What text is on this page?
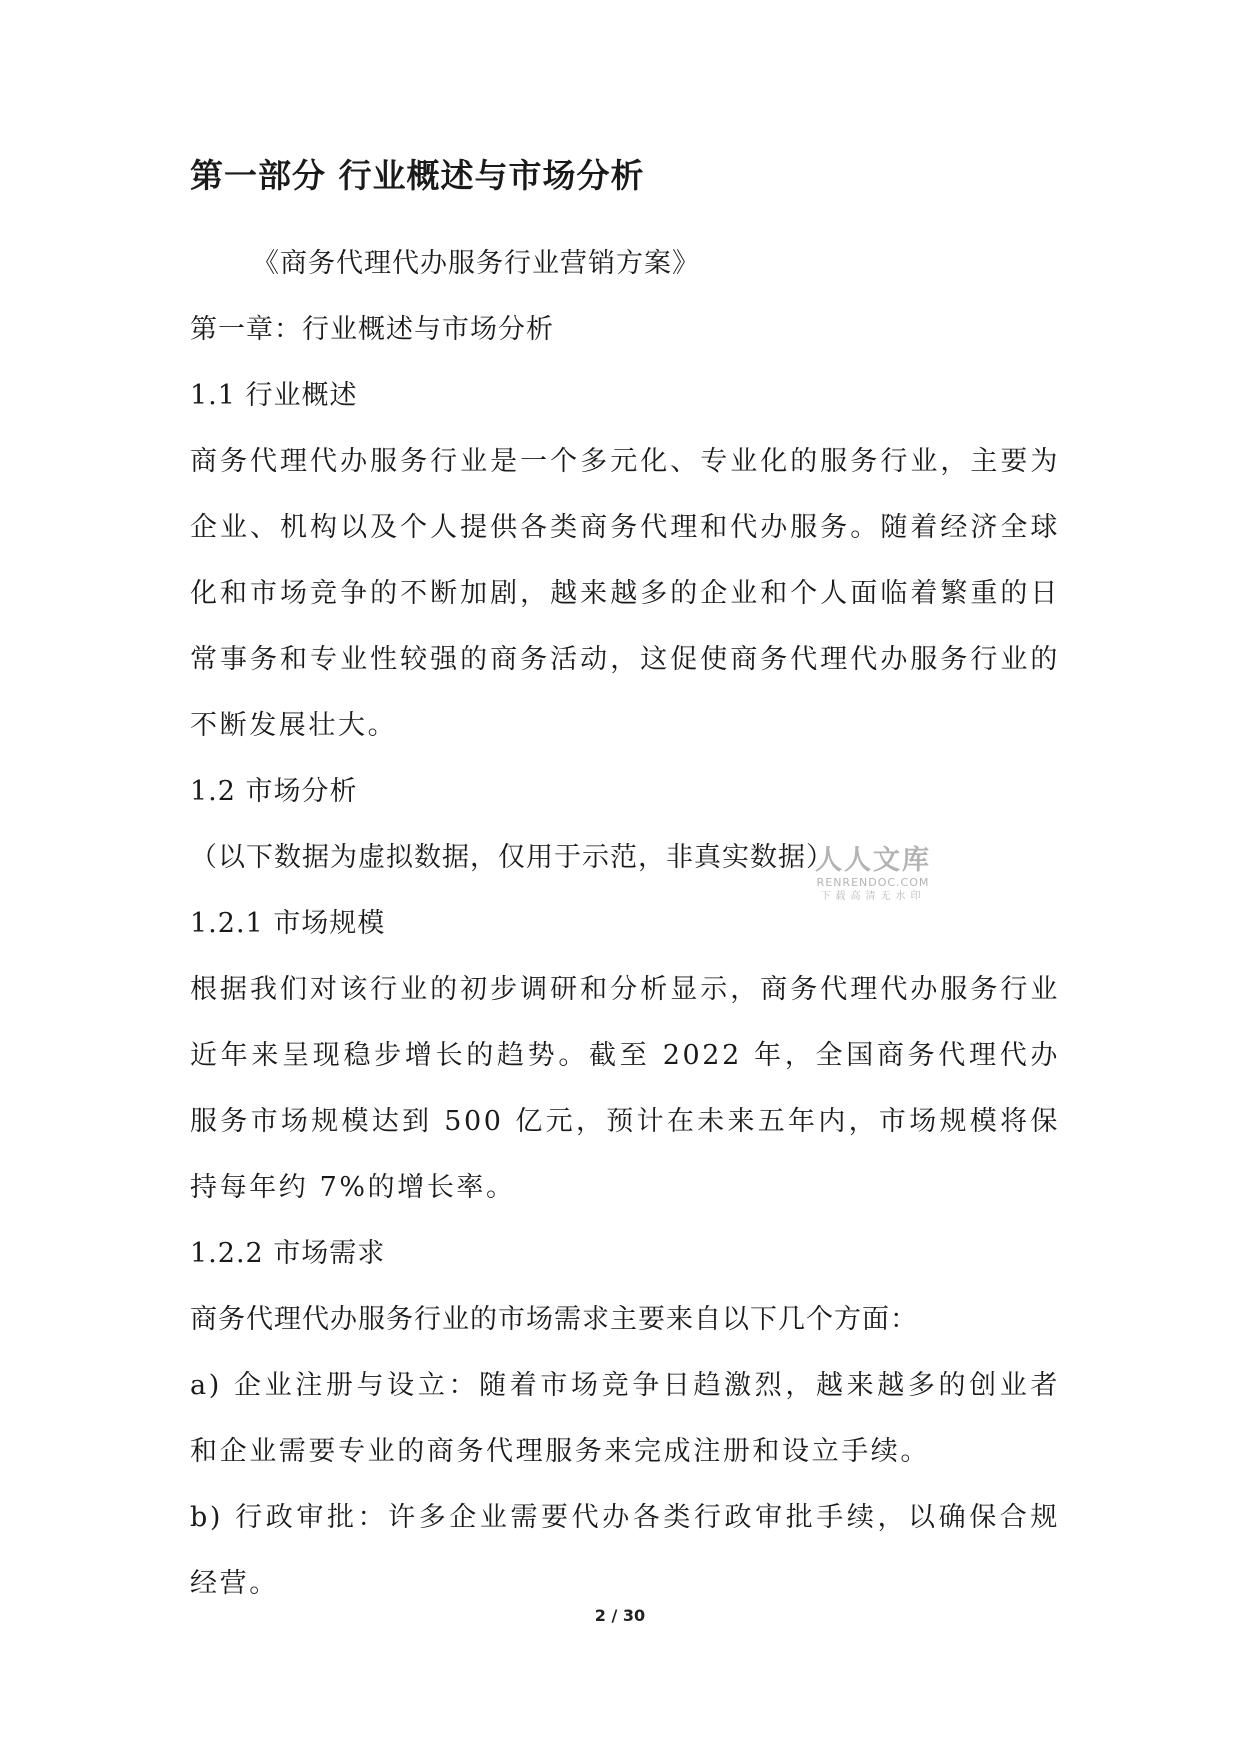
第一部分 行业概述与市场分析
《商务代理代办服务行业营销方案》
第一章：行业概述与市场分析
1.1 行业概述
商务代理代办服务行业是一个多元化、专业化的服务行业，主要为企业、机构以及个人提供各类商务代理和代办服务。随着经济全球化和市场竞争的不断加剧，越来越多的企业和个人面临着繁重的日常事务和专业性较强的商务活动，这促使商务代理代办服务行业的不断发展壮大。
1.2 市场分析
（以下数据为虚拟数据，仅用于示范，非真实数据）
1.2.1 市场规模
根据我们对该行业的初步调研和分析显示，商务代理代办服务行业近年来呈现稳步增长的趋势。截至 2022 年，全国商务代理代办服务市场规模达到 500 亿元，预计在未来五年内，市场规模将保持每年约 7%的增长率。
1.2.2 市场需求
商务代理代办服务行业的市场需求主要来自以下几个方面：
a) 企业注册与设立：随着市场竞争日趋激烈，越来越多的创业者和企业需要专业的商务代理服务来完成注册和设立手续。
b) 行政审批：许多企业需要代办各类行政审批手续，以确保合规经营。
人人文库
RENRENDOC.COM
下载高清无水印
2 / 30
